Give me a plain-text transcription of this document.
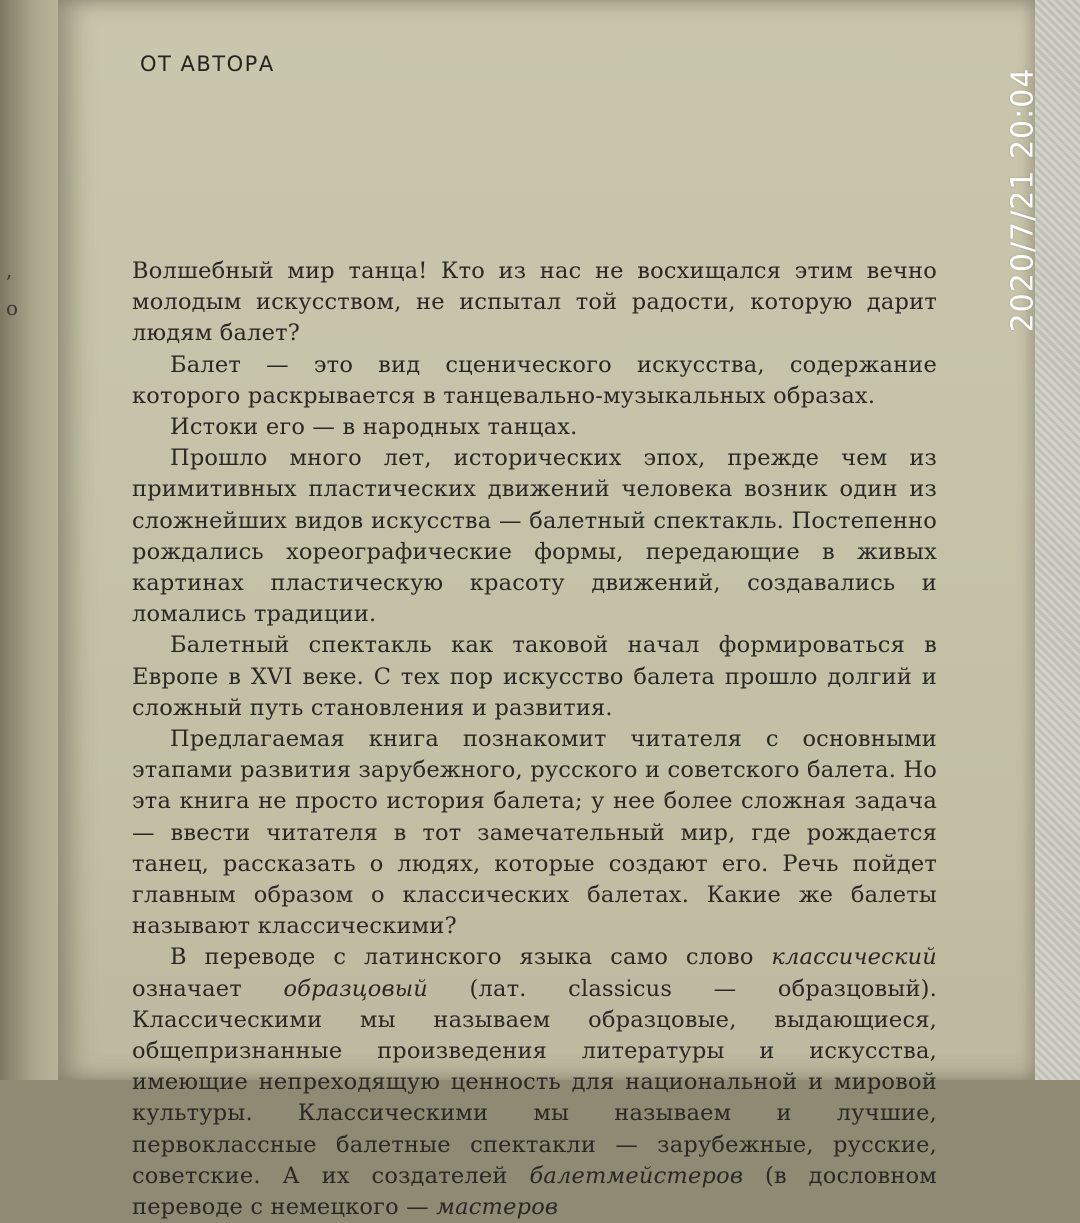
,
o
ОТ АВТОРА

Волшебный мир танца! Кто из нас не восхищался этим вечно молодым искусством, не испытал той радости, которую дарит людям балет?

Балет — это вид сценического искусства, содержание которого раскрывается в танцевально-музыкальных образах.

Истоки его — в народных танцах.

Прошло много лет, исторических эпох, прежде чем из примитивных пластических движений человека возник один из сложнейших видов искусства — балетный спектакль. Постепенно рождались хореографические формы, передающие в живых картинах пластическую красоту движений, создавались и ломались традиции.

Балетный спектакль как таковой начал формироваться в Европе в XVI веке. С тех пор искусство балета прошло долгий и сложный путь становления и развития.

Предлагаемая книга познакомит читателя с основными этапами развития зарубежного, русского и советского балета. Но эта книга не просто история балета; у нее более сложная задача — ввести читателя в тот замечательный мир, где рождается танец, рассказать о людях, которые создают его. Речь пойдет главным образом о классических балетах. Какие же балеты называют классическими?

В переводе с латинского языка само слово классический означает образцовый (лат. classicus — образцовый). Классическими мы называем образцовые, выдающиеся, общепризнанные произведения литературы и искусства, имеющие непреходящую ценность для национальной и мировой культуры. Классическими мы называем и лучшие, первоклассные балетные спектакли — зарубежные, русские, советские. А их создателей балетмейстеров (в дословном переводе с немецкого — мастеров

2020/7/21 20:04
